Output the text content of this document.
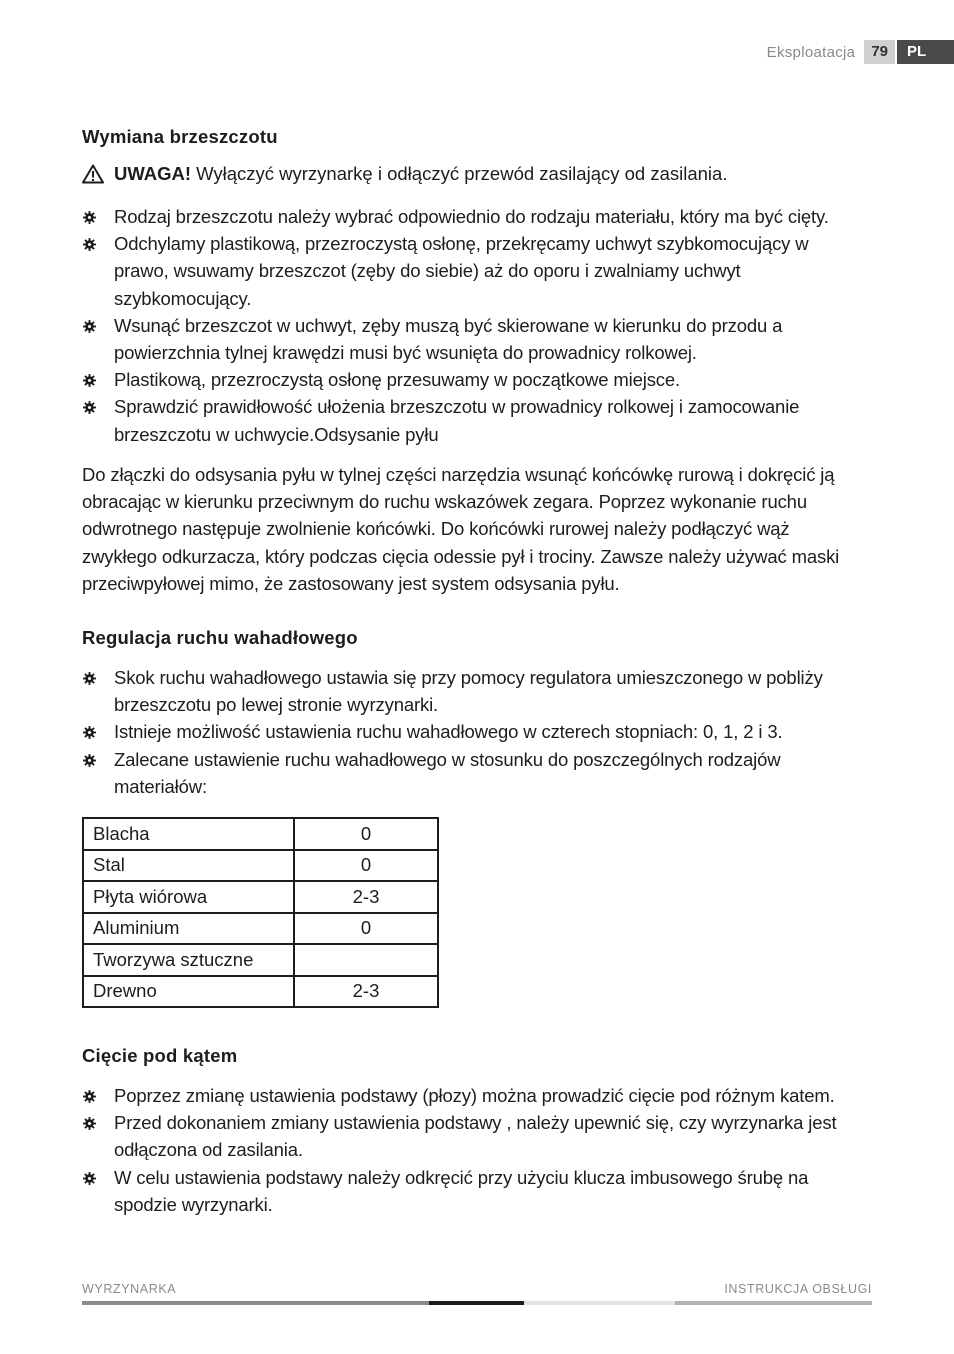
Eksploatacja	79	PL
Wymiana brzeszczotu
UWAGA! Wyłączyć wyrzynarkę i odłączyć przewód zasilający od zasilania.
Rodzaj brzeszczotu należy wybrać odpowiednio do rodzaju materiału, który ma być cięty.
Odchylamy plastikową, przezroczystą osłonę, przekręcamy uchwyt szybkomocujący w prawo, wsuwamy brzeszczot (zęby do siebie) aż do oporu i zwalniamy uchwyt szybkomocujący.
Wsunąć brzeszczot w uchwyt, zęby muszą być skierowane w kierunku do przodu a powierzchnia tylnej krawędzi musi być wsunięta do prowadnicy rolkowej.
Plastikową, przezroczystą osłonę przesuwamy w początkowe miejsce.
Sprawdzić prawidłowość ułożenia brzeszczotu w prowadnicy rolkowej i zamocowanie brzeszczotu w uchwycie.Odsysanie pyłu

Do złączki do odsysania pyłu w tylnej części narzędzia wsunąć końcówkę rurową i dokręcić ją obracając w kierunku przeciwnym do ruchu wskazówek zegara. Poprzez wykonanie ruchu odwrotnego następuje zwolnienie końcówki. Do końcówki rurowej należy podłączyć wąż zwykłego odkurzacza, który podczas cięcia odessie pył i trociny. Zawsze należy używać maski przeciwpyłowej mimo, że zastosowany jest system odsysania pyłu.

Regulacja ruchu wahadłowego
Skok ruchu wahadłowego ustawia się przy pomocy regulatora umieszczonego w pobliży brzeszczotu po lewej stronie wyrzynarki.
Istnieje możliwość ustawienia ruchu wahadłowego w czterech stopniach: 0, 1, 2 i 3.
Zalecane ustawienie ruchu wahadłowego w stosunku do poszczególnych rodzajów materiałów:
Blacha	0
Stal	0
Płyta wiórowa	2-3
Aluminium	0
Tworzywa sztuczne	
Drewno	2-3
Cięcie pod kątem
Poprzez zmianę ustawienia podstawy (płozy) można prowadzić cięcie pod różnym katem.
Przed dokonaniem zmiany ustawienia podstawy , należy upewnić się, czy wyrzynarka jest odłączona od zasilania.
W celu ustawienia podstawy należy odkręcić przy użyciu klucza imbusowego śrubę na spodzie wyrzynarki.
WYRZYNARKA	INSTRUKCJA OBSŁUGI
